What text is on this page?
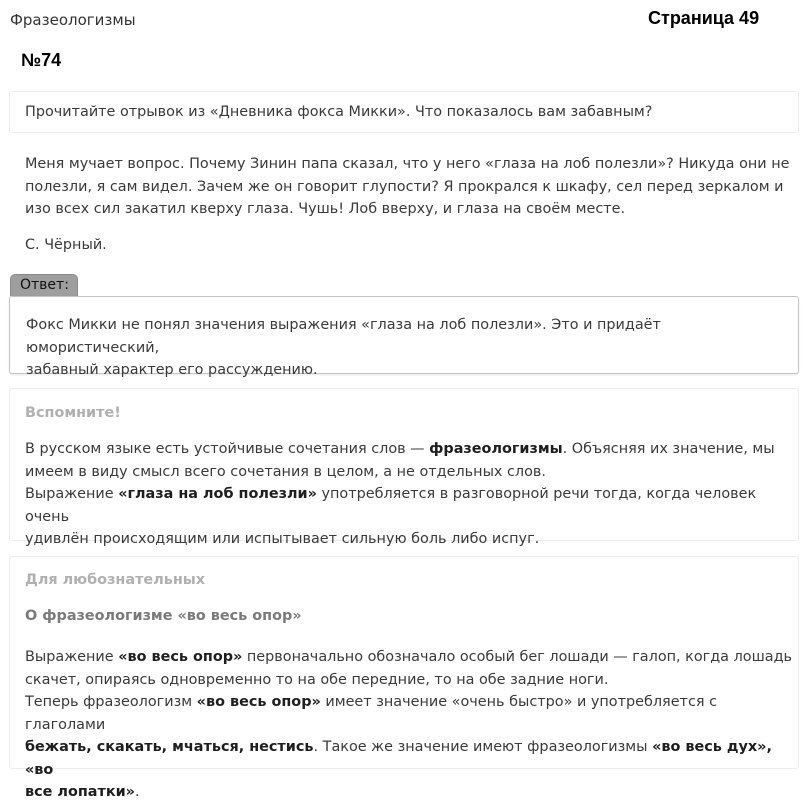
Фразеологизмы	Страница 49
№74

Прочитайте отрывок из «Дневника фокса Микки». Что показалось вам забавным?

Меня мучает вопрос. Почему Зинин папа сказал, что у него «глаза на лоб полезли»? Никуда они не

полезли, я сам видел. Зачем же он говорит глупости? Я прокрался к шкафу, сел перед зеркалом и

изо всех сил закатил кверху глаза. Чушь! Лоб вверху, и глаза на своём месте.

С. Чёрный.
Ответ:

Фокс Микки не понял значения выражения «глаза на лоб полезли». Это и придаёт юмористический,
забавный характер его рассуждению.

Вспомните!

В русском языке есть устойчивые сочетания слов — фразеологизмы. Объясняя их значение, мы

имеем в виду смысл всего сочетания в целом, а не отдельных слов.

Выражение «глаза на лоб полезли» употребляется в разговорной речи тогда, когда человек очень

удивлён происходящим или испытывает сильную боль либо испуг.

Для любознательных
О фразеологизме «во весь опор»

Выражение «во весь опор» первоначально обозначало особый бег лошади — галоп, когда лошадь

скачет, опираясь одновременно то на обе передние, то на обе задние ноги.

Теперь фразеологизм «во весь опор» имеет значение «очень быстро» и употребляется с глаголами

бежать, скакать, мчаться, нестись. Такое же значение имеют фразеологизмы «во весь дух», «во

все лопатки».
